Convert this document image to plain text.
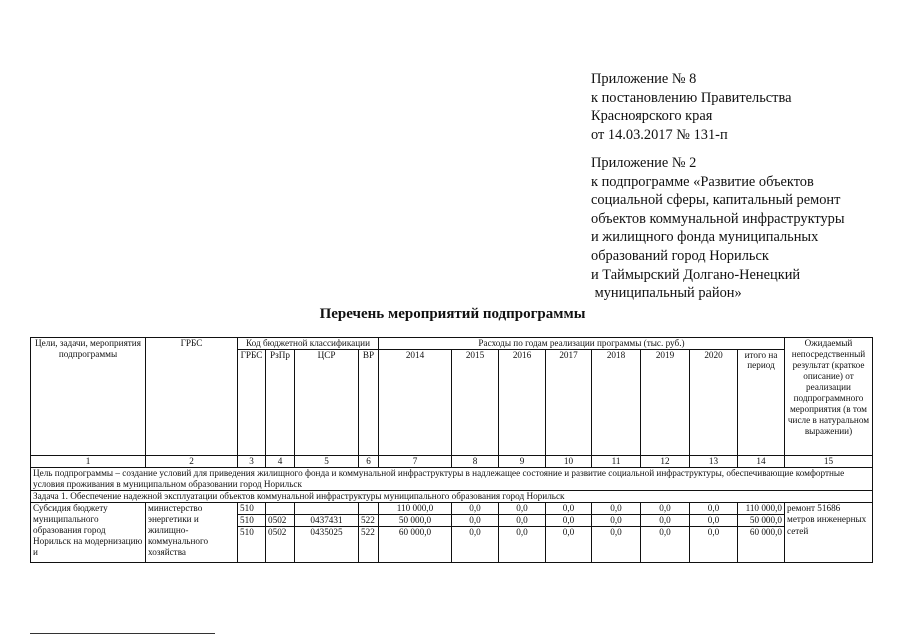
Приложение № 8
к постановлению Правительства
Красноярского края
от 14.03.2017 № 131-п
Приложение № 2
к подпрограмме «Развитие объектов
социальной сферы, капитальный ремонт
объектов коммунальной инфраструктуры
и жилищного фонда муниципальных
образований город Норильск
и Таймырский Долгано-Ненецкий
муниципальный район»
Перечень мероприятий подпрограммы
Цели, задачи, мероприятия подпрограммы	ГРБС	Код бюджетной классификации				Расходы по годам реализации программы (тыс. руб.)								Ожидаемый непосредственный результат (краткое описание) от реализации подпрограммного мероприятия (в том числе в натуральном выражении)

		ГРБС	РзПр	ЦСР	ВР	2014	2015	2016	2017	2018	2019	2020	итого на период	
1	2	3	4	5	6	7	8	9	10	11	12	13	14	15
Цель подпрограммы – создание условий для приведения жилищного фонда и коммунальной инфраструктуры в надлежащее состояние и развитие социальной инфраструктуры, обеспечивающие комфортные условия проживания в муниципальном образовании город Норильск														
Задача 1. Обеспечение надежной эксплуатации объектов коммунальной инфраструктуры муниципального образования город Норильск														

Субсидия бюджету муниципального образования город Норильск на модернизацию и	министерство энергетики и жилищно-коммунального хозяйства	510				110 000,0	0,0	0,0	0,0	0,0	0,0	0,0	110 000,0	ремонт 51686 метров инженерных сетей

		510	0502	0437431	522	50 000,0	0,0	0,0	0,0	0,0	0,0	0,0	50 000,0	
		510	0502	0435025	522	60 000,0	0,0	0,0	0,0	0,0	0,0	0,0	60 000,0	
